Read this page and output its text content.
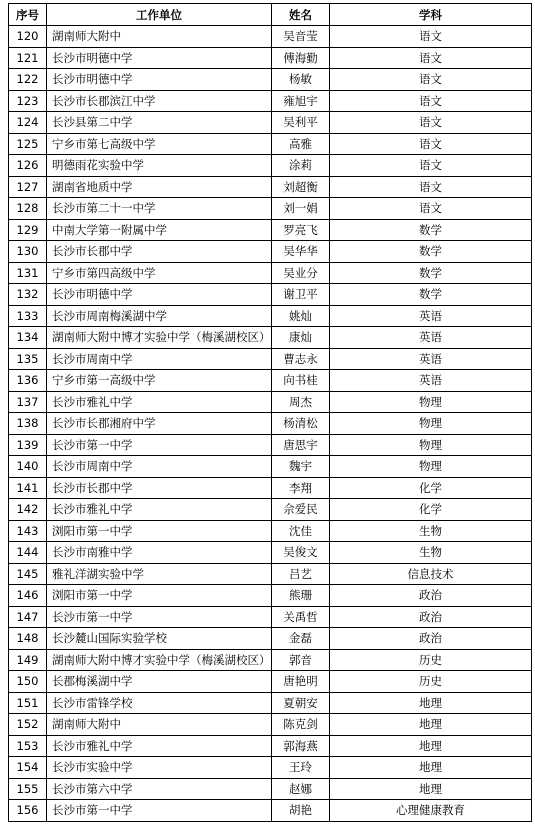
序号	工作单位	姓名	学科
120	湖南师大附中	吴音莹	语文
121	长沙市明德中学	傅海勤	语文
122	长沙市明德中学	杨敏	语文
123	长沙市长郡滨江中学	雍旭宇	语文
124	长沙县第二中学	吴利平	语文
125	宁乡市第七高级中学	高雅	语文
126	明德雨花实验中学	涂莉	语文
127	湖南省地质中学	刘超衡	语文
128	长沙市第二十一中学	刘一娟	语文
129	中南大学第一附属中学	罗亮飞	数学
130	长沙市长郡中学	吴华华	数学
131	宁乡市第四高级中学	吴业分	数学
132	长沙市明德中学	谢卫平	数学
133	长沙市周南梅溪湖中学	姚灿	英语
134	湖南师大附中博才实验中学（梅溪湖校区）	康灿	英语
135	长沙市周南中学	曹志永	英语
136	宁乡市第一高级中学	向书桂	英语
137	长沙市雅礼中学	周杰	物理
138	长沙市长郡湘府中学	杨清松	物理
139	长沙市第一中学	唐思宇	物理
140	长沙市周南中学	魏宇	物理
141	长沙市长郡中学	李翔	化学
142	长沙市雅礼中学	佘爱民	化学
143	浏阳市第一中学	沈佳	生物
144	长沙市南雅中学	吴俊文	生物
145	雅礼洋湖实验中学	吕艺	信息技术
146	浏阳市第一中学	熊珊	政治
147	长沙市第一中学	关禹哲	政治
148	长沙麓山国际实验学校	金磊	政治
149	湖南师大附中博才实验中学（梅溪湖校区）	郭音	历史
150	长郡梅溪湖中学	唐艳明	历史
151	长沙市雷锋学校	夏朝安	地理
152	湖南师大附中	陈克剑	地理
153	长沙市雅礼中学	郭海燕	地理
154	长沙市实验中学	王玲	地理
155	长沙市第六中学	赵娜	地理
156	长沙市第一中学	胡艳	心理健康教育
